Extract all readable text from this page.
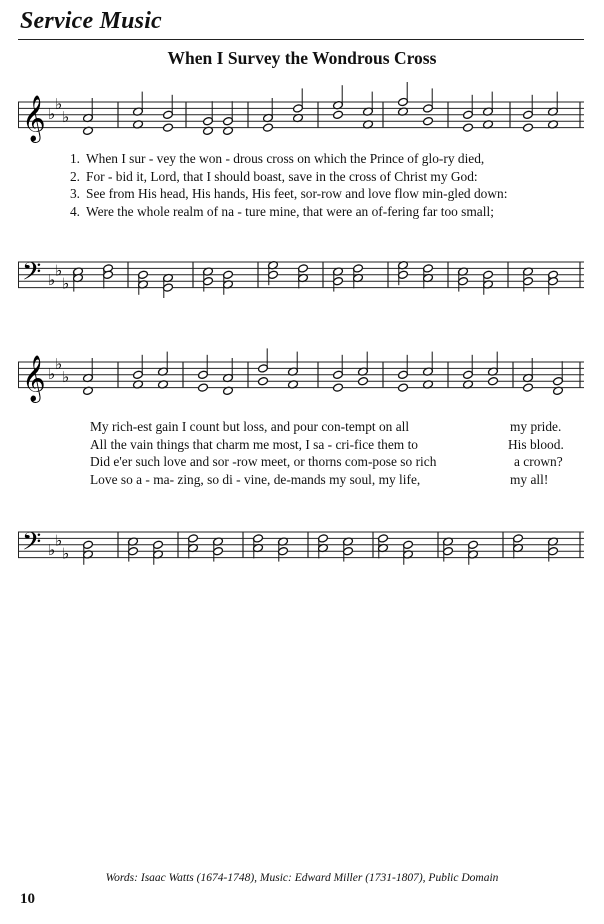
Service Music
When I Survey the Wondrous Cross
𝄞 ♭
♭
♭
1. When I sur - vey the won - drous cross on which the Prince of glo-ry died,
2. For - bid it, Lord, that I should boast, save in the cross of Christ my God:
3. See from His head, His hands, His feet, sor-row and love flow min-gled down:
4. Were the whole realm of na - ture mine, that were an of-fering far too small;
𝄢 ♭
♭
♭
𝄞 ♭
♭
♭
My rich-est gain I count but loss, and pour con-tempt on all	my pride.
All the vain things that charm me most, I sa - cri-fice them to	His blood.
Did e'er such love and sor -row meet, or thorns com-pose so rich	a crown?
Love so a - ma- zing, so di - vine, de-mands my soul, my life,	my all!
𝄢 ♭
♭
♭
Words: Isaac Watts (1674-1748), Music: Edward Miller (1731-1807), Public Domain
10
